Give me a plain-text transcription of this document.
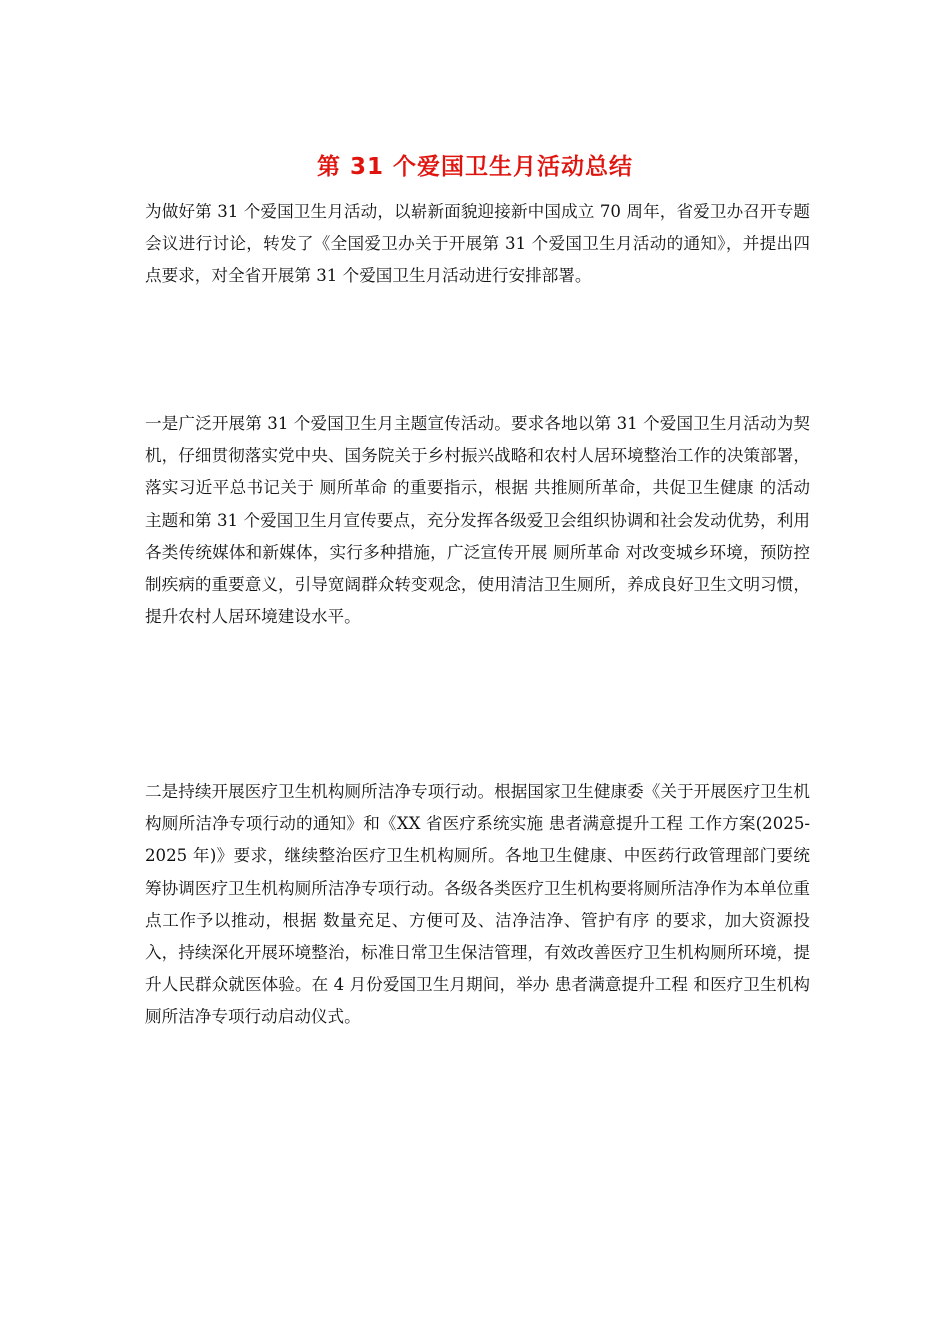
第 31 个爱国卫生月活动总结

为做好第 31 个爱国卫生月活动，以崭新面貌迎接新中国成立 70 周年，省爱卫办召开专题会议进行讨论，转发了《全国爱卫办关于开展第 31 个爱国卫生月活动的通知》，并提出四点要求，对全省开展第 31 个爱国卫生月活动进行安排部署。

一是广泛开展第 31 个爱国卫生月主题宣传活动。要求各地以第 31 个爱国卫生月活动为契机，仔细贯彻落实党中央、国务院关于乡村振兴战略和农村人居环境整治工作的决策部署，落实习近平总书记关于 厕所革命 的重要指示，根据 共推厕所革命，共促卫生健康 的活动主题和第 31 个爱国卫生月宣传要点，充分发挥各级爱卫会组织协调和社会发动优势，利用各类传统媒体和新媒体，实行多种措施，广泛宣传开展 厕所革命 对改变城乡环境，预防控制疾病的重要意义，引导宽阔群众转变观念，使用清洁卫生厕所，养成良好卫生文明习惯，提升农村人居环境建设水平。

二是持续开展医疗卫生机构厕所洁净专项行动。根据国家卫生健康委《关于开展医疗卫生机构厕所洁净专项行动的通知》和《XX 省医疗系统实施 患者满意提升工程 工作方案(2025-2025 年)》要求，继续整治医疗卫生机构厕所。各地卫生健康、中医药行政管理部门要统筹协调医疗卫生机构厕所洁净专项行动。各级各类医疗卫生机构要将厕所洁净作为本单位重点工作予以推动，根据 数量充足、方便可及、洁净洁净、管护有序 的要求，加大资源投入，持续深化开展环境整治，标准日常卫生保洁管理，有效改善医疗卫生机构厕所环境，提升人民群众就医体验。在 4 月份爱国卫生月期间，举办 患者满意提升工程 和医疗卫生机构厕所洁净专项行动启动仪式。
